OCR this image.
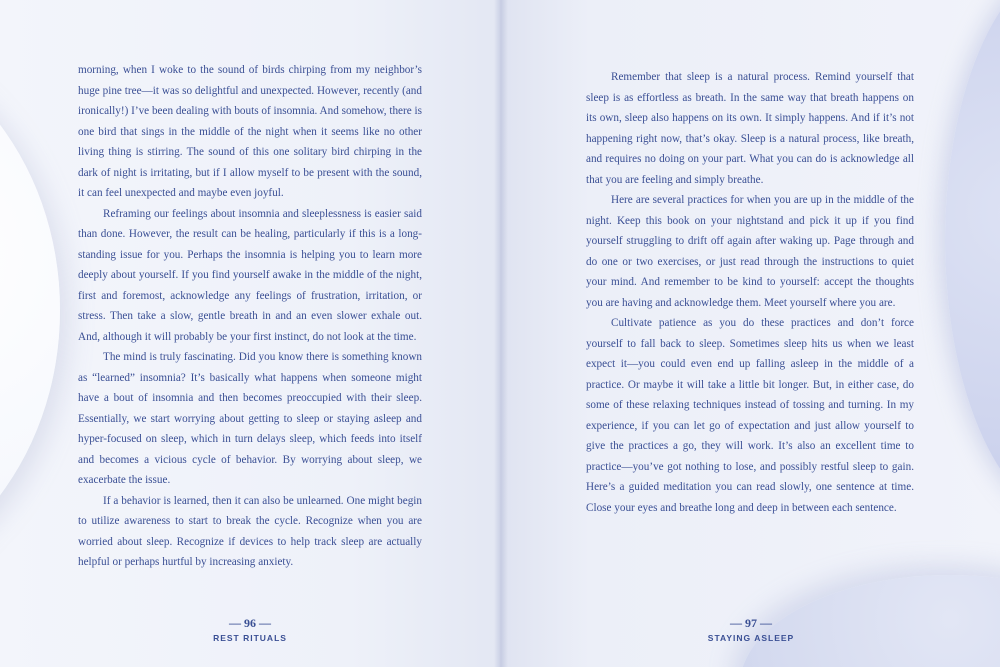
morning, when I woke to the sound of birds chirping from my neighbor’s huge pine tree—it was so delightful and unexpected. However, recently (and ironically!) I’ve been dealing with bouts of insomnia. And somehow, there is one bird that sings in the middle of the night when it seems like no other living thing is stirring. The sound of this one solitary bird chirping in the dark of night is irritating, but if I allow myself to be present with the sound, it can feel unexpected and maybe even joyful.

Reframing our feelings about insomnia and sleeplessness is easier said than done. However, the result can be healing, particularly if this is a long-standing issue for you. Perhaps the insomnia is helping you to learn more deeply about yourself. If you find yourself awake in the middle of the night, first and foremost, acknowledge any feelings of frustration, irritation, or stress. Then take a slow, gentle breath in and an even slower exhale out. And, although it will probably be your first instinct, do not look at the time.

The mind is truly fascinating. Did you know there is something known as “learned” insomnia? It’s basically what happens when someone might have a bout of insomnia and then becomes preoccupied with their sleep. Essentially, we start worrying about getting to sleep or staying asleep and hyper-focused on sleep, which in turn delays sleep, which feeds into itself and becomes a vicious cycle of behavior. By worrying about sleep, we exacerbate the issue.

If a behavior is learned, then it can also be unlearned. One might begin to utilize awareness to start to break the cycle. Recognize when you are worried about sleep. Recognize if devices to help track sleep are actually helpful or perhaps hurtful by increasing anxiety.

— 96 —
REST RITUALS

Remember that sleep is a natural process. Remind yourself that sleep is as effortless as breath. In the same way that breath happens on its own, sleep also happens on its own. It simply happens. And if it’s not happening right now, that’s okay. Sleep is a natural process, like breath, and requires no doing on your part. What you can do is acknowledge all that you are feeling and simply breathe.

Here are several practices for when you are up in the middle of the night. Keep this book on your nightstand and pick it up if you find yourself struggling to drift off again after waking up. Page through and do one or two exercises, or just read through the instructions to quiet your mind. And remember to be kind to yourself: accept the thoughts you are having and acknowledge them. Meet yourself where you are.

Cultivate patience as you do these practices and don’t force yourself to fall back to sleep. Sometimes sleep hits us when we least expect it—you could even end up falling asleep in the middle of a practice. Or maybe it will take a little bit longer. But, in either case, do some of these relaxing techniques instead of tossing and turning. In my experience, if you can let go of expectation and just allow yourself to give the practices a go, they will work. It’s also an excellent time to practice—you’ve got nothing to lose, and possibly restful sleep to gain. Here’s a guided meditation you can read slowly, one sentence at time. Close your eyes and breathe long and deep in between each sentence.

— 97 —
STAYING ASLEEP
